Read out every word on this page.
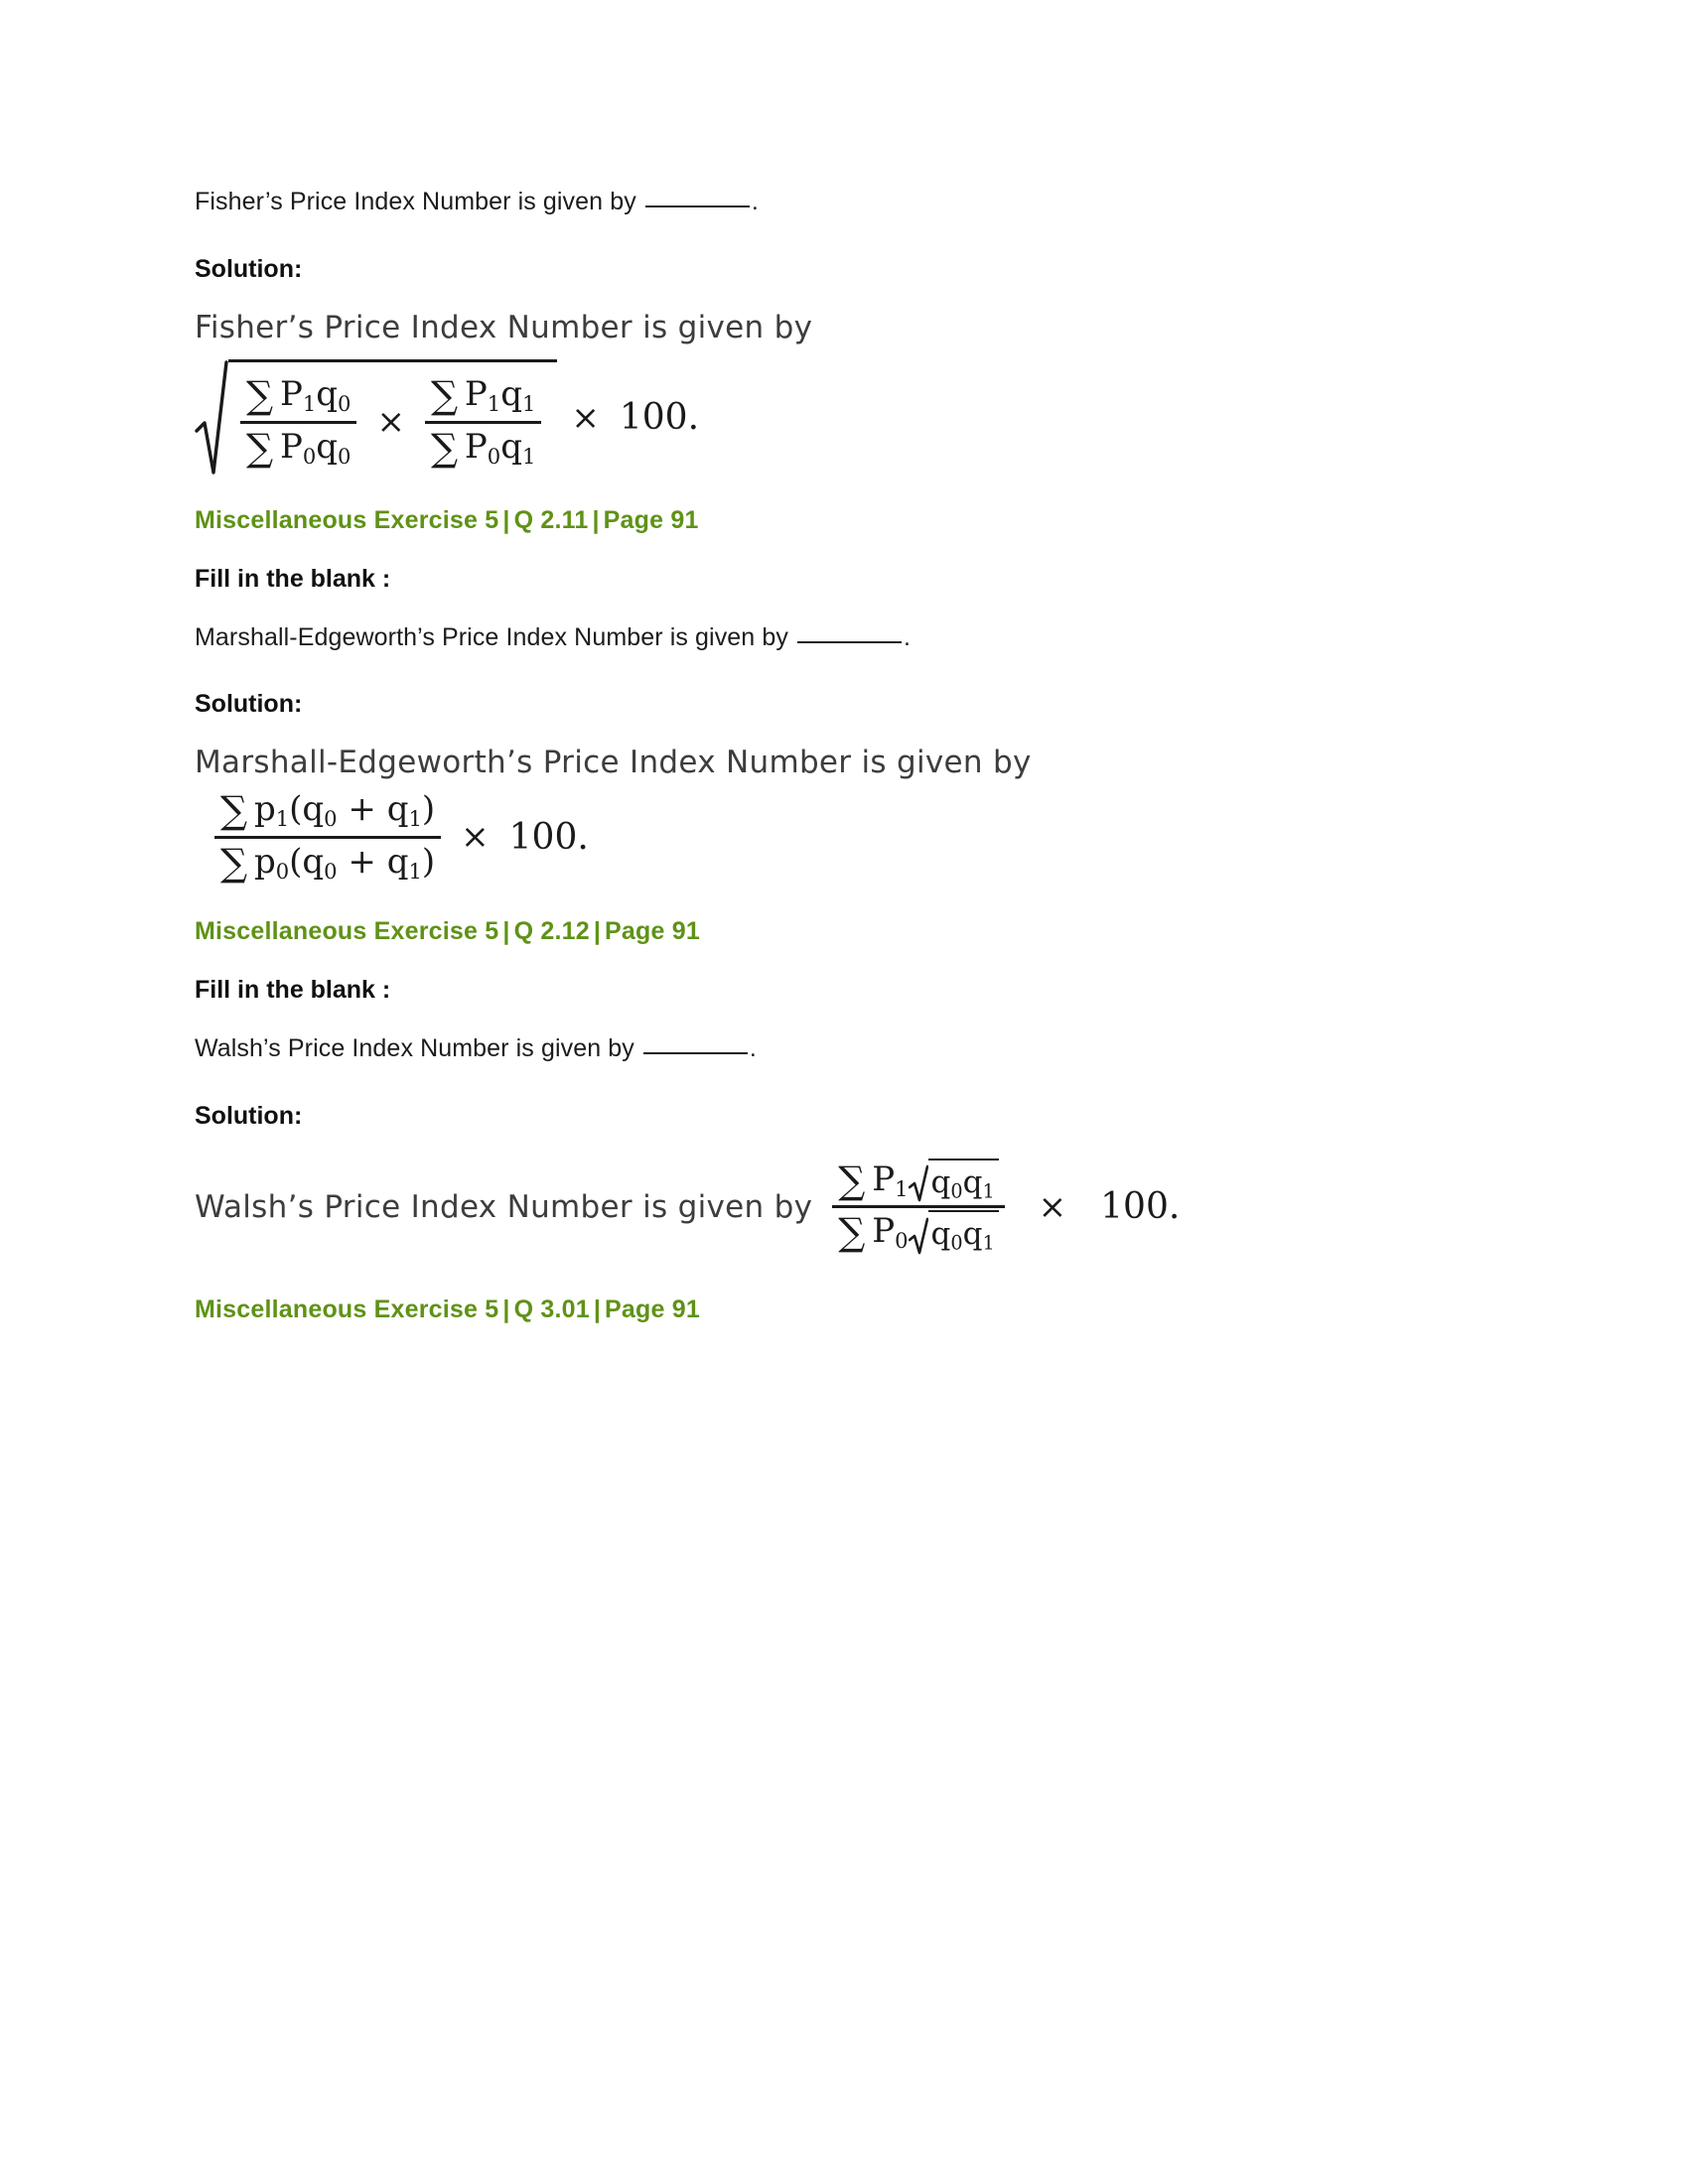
Fisher’s Price Index Number is given by	.

Solution:

Fisher’s Price Index Number is given by
$\frac{\sum P_1q_0}{\sum P_0q_0} \times \frac{\sum P_1q_1}{\sum P_0q_1} \times 100$.

Miscellaneous Exercise 5 | Q 2.11 | Page 91

Fill in the blank :

Marshall-Edgeworth’s Price Index Number is given by	.

Solution:

Marshall-Edgeworth’s Price Index Number is given by
$\frac{\sum p_1(q_0 + q_1)}{\sum p_0(q_0 + q_1)} \times 100$.

Miscellaneous Exercise 5 | Q 2.12 | Page 91

Fill in the blank :

Walsh’s Price Index Number is given by	.

Solution:

Walsh’s Price Index Number is given by $\frac{\sum P_1 q_0q_1}{\sum P_0 q_0q_1} \times 100$.

Miscellaneous Exercise 5 | Q 3.01 | Page 91
